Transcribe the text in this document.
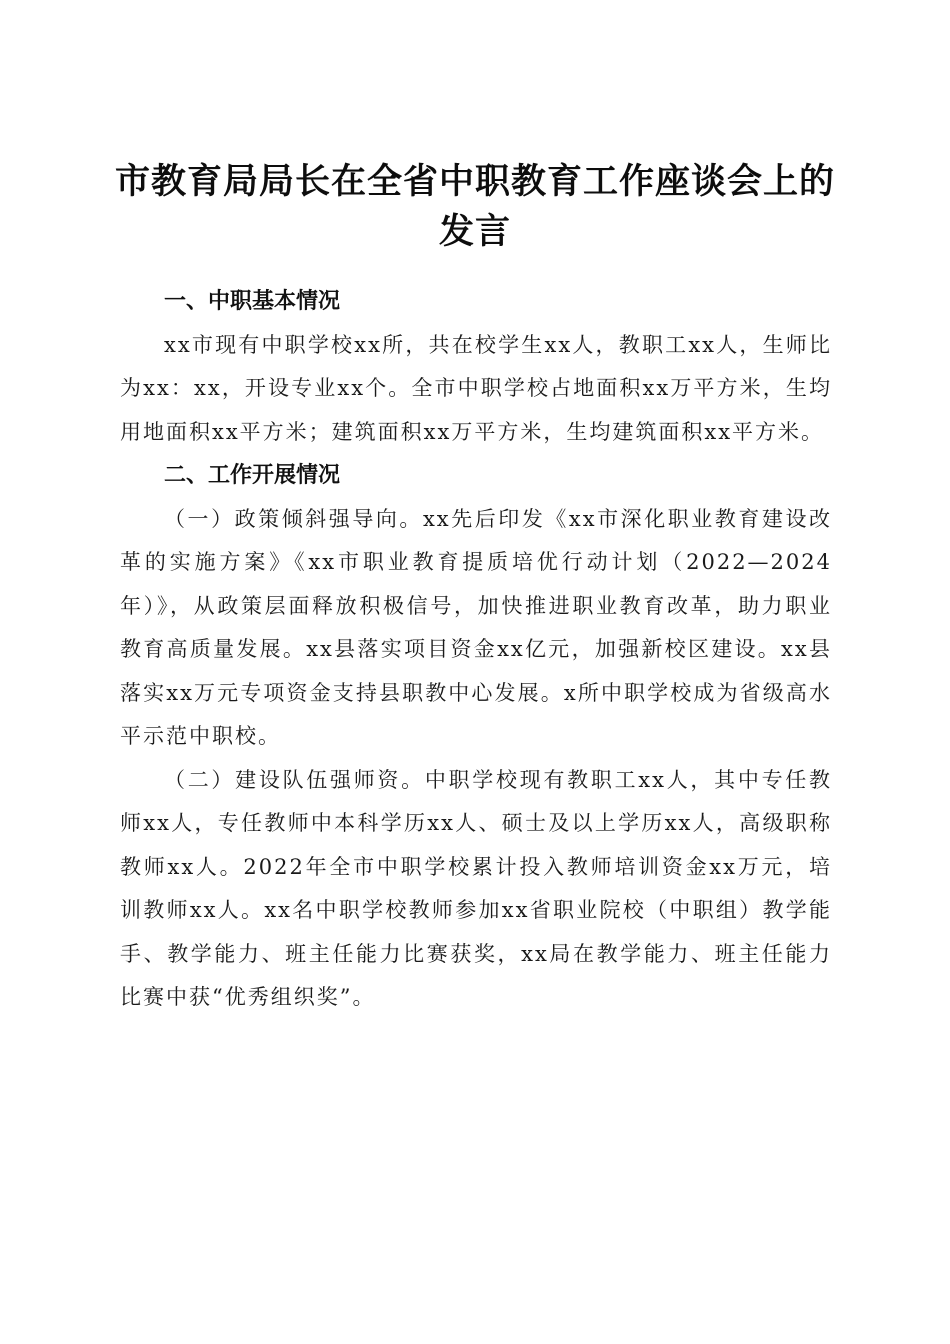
市教育局局长在全省中职教育工作座谈会上的
发言

一、中职基本情况

xx市现有中职学校xx所，共在校学生xx人，教职工xx人，生师比为xx：xx，开设专业xx个。全市中职学校占地面积xx万平方米，生均用地面积xx平方米；建筑面积xx万平方米，生均建筑面积xx平方米。

二、工作开展情况

（一）政策倾斜强导向。xx先后印发《xx市深化职业教育建设改革的实施方案》《xx市职业教育提质培优行动计划（2022—2024年）》，从政策层面释放积极信号，加快推进职业教育改革，助力职业教育高质量发展。xx县落实项目资金xx亿元，加强新校区建设。xx县落实xx万元专项资金支持县职教中心发展。x所中职学校成为省级高水平示范中职校。

（二）建设队伍强师资。中职学校现有教职工xx人，其中专任教师xx人，专任教师中本科学历xx人、硕士及以上学历xx人，高级职称教师xx人。2022年全市中职学校累计投入教师培训资金xx万元，培训教师xx人。xx名中职学校教师参加xx省职业院校（中职组）教学能手、教学能力、班主任能力比赛获奖，xx局在教学能力、班主任能力比赛中获“优秀组织奖”。
